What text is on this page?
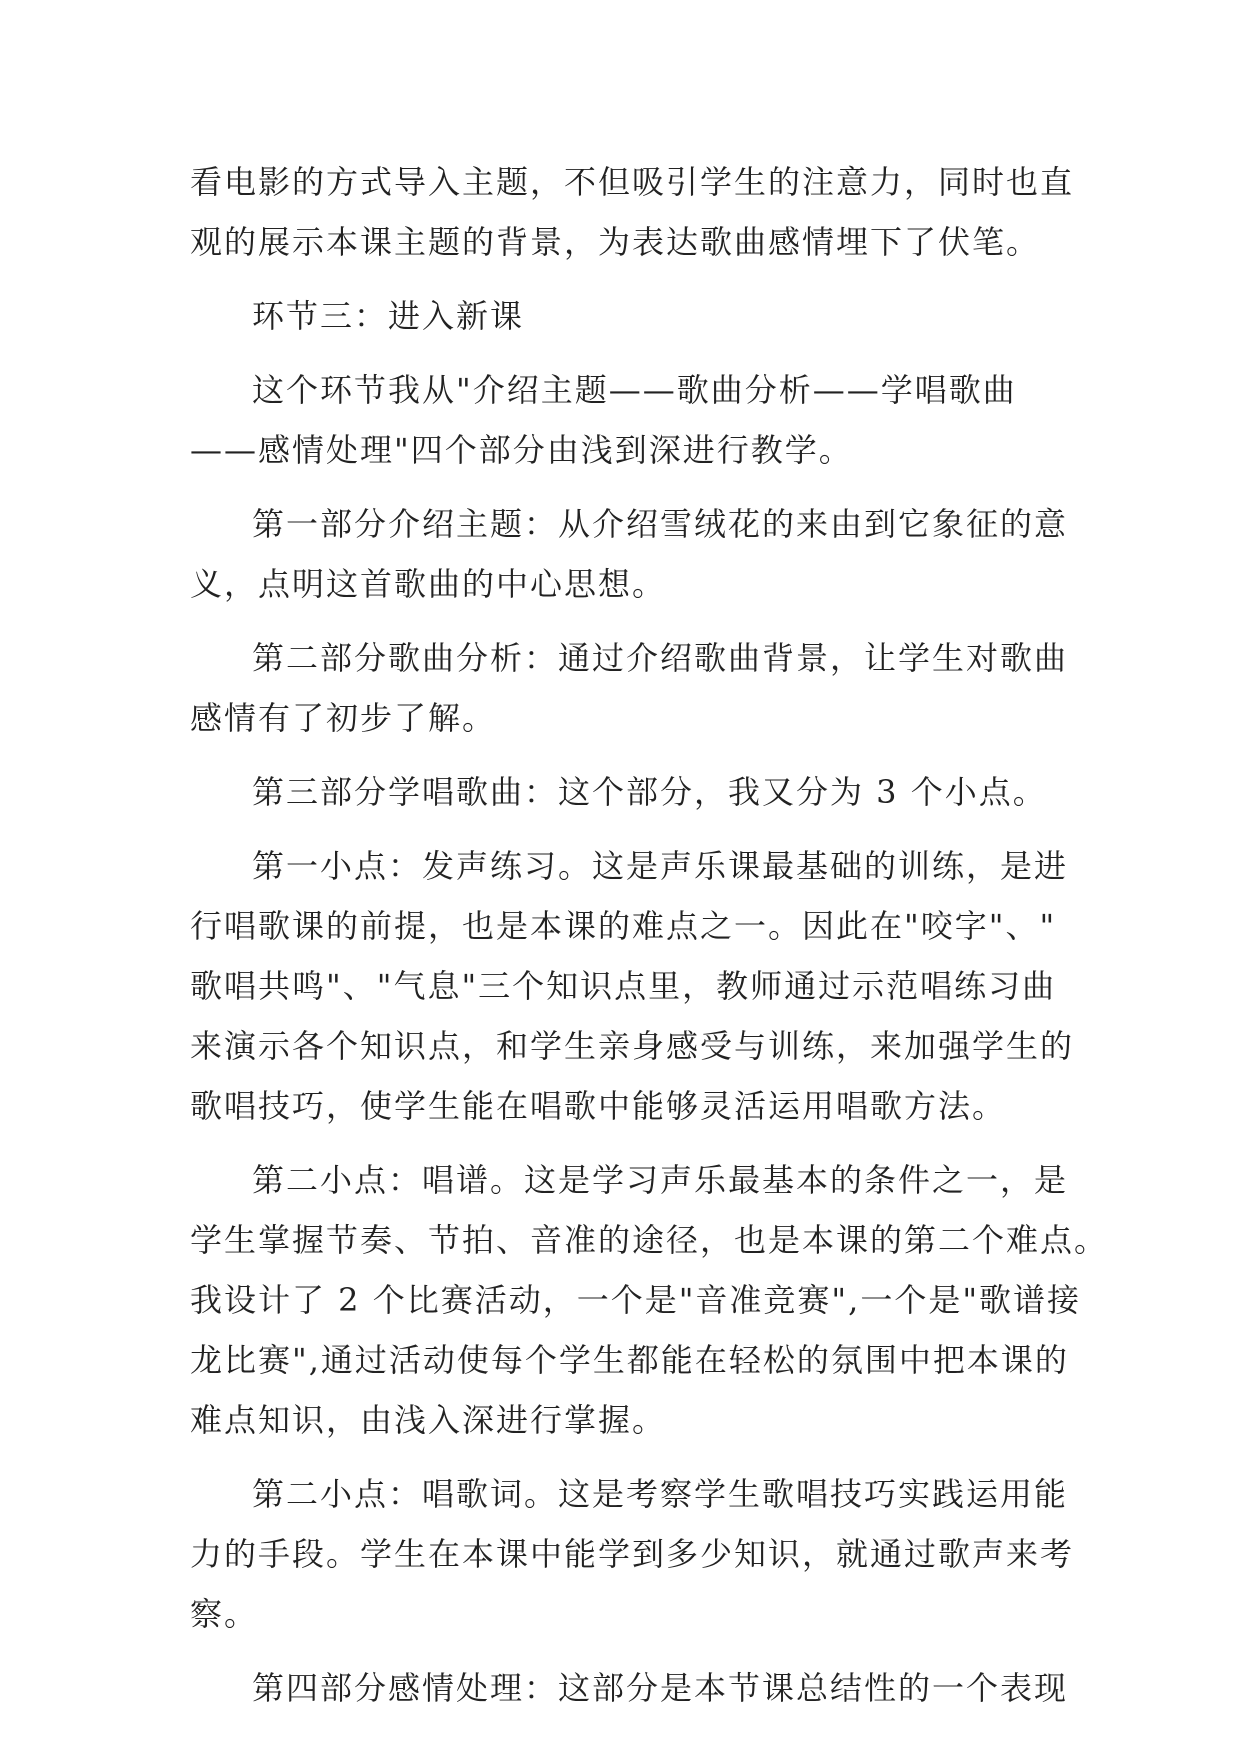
看电影的方式导入主题，不但吸引学生的注意力，同时也直
观的展示本课主题的背景，为表达歌曲感情埋下了伏笔。
环节三：进入新课
这个环节我从"介绍主题——歌曲分析——学唱歌曲
——感情处理"四个部分由浅到深进行教学。
第一部分介绍主题：从介绍雪绒花的来由到它象征的意
义，点明这首歌曲的中心思想。
第二部分歌曲分析：通过介绍歌曲背景，让学生对歌曲
感情有了初步了解。
第三部分学唱歌曲：这个部分，我又分为 3 个小点。
第一小点：发声练习。这是声乐课最基础的训练，是进
行唱歌课的前提，也是本课的难点之一。因此在"咬字"、"
歌唱共鸣"、"气息"三个知识点里，教师通过示范唱练习曲
来演示各个知识点，和学生亲身感受与训练，来加强学生的
歌唱技巧，使学生能在唱歌中能够灵活运用唱歌方法。
第二小点：唱谱。这是学习声乐最基本的条件之一，是
学生掌握节奏、节拍、音准的途径，也是本课的第二个难点。
我设计了 2 个比赛活动，一个是"音准竞赛",一个是"歌谱接
龙比赛",通过活动使每个学生都能在轻松的氛围中把本课的
难点知识，由浅入深进行掌握。
第二小点：唱歌词。这是考察学生歌唱技巧实践运用能
力的手段。学生在本课中能学到多少知识，就通过歌声来考
察。
第四部分感情处理：这部分是本节课总结性的一个表现
